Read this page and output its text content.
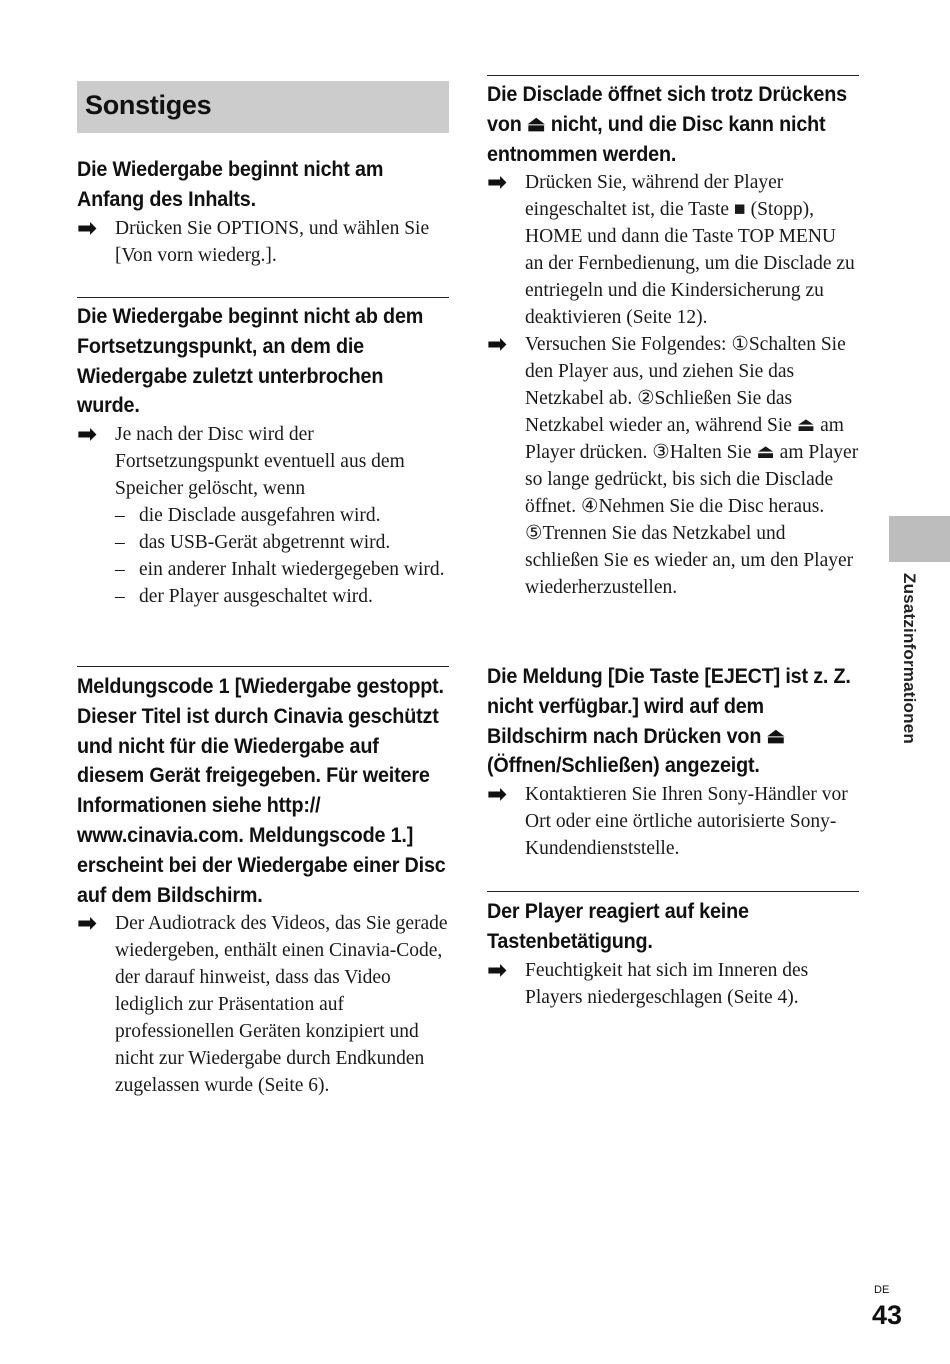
Sonstiges

Die Wiedergabe beginnt nicht am Anfang des Inhalts.

➡ Drücken Sie OPTIONS, und wählen Sie [Von vorn wiederg.].

Die Wiedergabe beginnt nicht ab dem Fortsetzungspunkt, an dem die Wiedergabe zuletzt unterbrochen wurde.

➡ Je nach der Disc wird der Fortsetzungspunkt eventuell aus dem Speicher gelöscht, wenn
– die Disclade ausgefahren wird.
– das USB-Gerät abgetrennt wird.
– ein anderer Inhalt wiedergegeben wird.
– der Player ausgeschaltet wird.

Meldungscode 1 [Wiedergabe gestoppt. Dieser Titel ist durch Cinavia geschützt und nicht für die Wiedergabe auf diesem Gerät freigegeben. Für weitere Informationen siehe http:// www.cinavia.com. Meldungscode 1.] erscheint bei der Wiedergabe einer Disc auf dem Bildschirm.

➡ Der Audiotrack des Videos, das Sie gerade wiedergeben, enthält einen Cinavia-Code, der darauf hinweist, dass das Video lediglich zur Präsentation auf professionellen Geräten konzipiert und nicht zur Wiedergabe durch Endkunden zugelassen wurde (Seite 6).

Die Disclade öffnet sich trotz Drückens von ⏏ nicht, und die Disc kann nicht entnommen werden.

➡ Drücken Sie, während der Player eingeschaltet ist, die Taste ■ (Stopp), HOME und dann die Taste TOP MENU an der Fernbedienung, um die Disclade zu entriegeln und die Kindersicherung zu deaktivieren (Seite 12).

➡ Versuchen Sie Folgendes: ①Schalten Sie den Player aus, und ziehen Sie das Netzkabel ab. ②Schließen Sie das Netzkabel wieder an, während Sie ⏏ am Player drücken. ③Halten Sie ⏏ am Player so lange gedrückt, bis sich die Disclade öffnet. ④Nehmen Sie die Disc heraus. ⑤Trennen Sie das Netzkabel und schließen Sie es wieder an, um den Player wiederherzustellen.

Die Meldung [Die Taste [EJECT] ist z. Z. nicht verfügbar.] wird auf dem Bildschirm nach Drücken von ⏏ (Öffnen/Schließen) angezeigt.

➡ Kontaktieren Sie Ihren Sony-Händler vor Ort oder eine örtliche autorisierte Sony-Kundendienststelle.

Der Player reagiert auf keine Tastenbetätigung.

➡ Feuchtigkeit hat sich im Inneren des Players niedergeschlagen (Seite 4).

Zusatzinformationen
DE
43
